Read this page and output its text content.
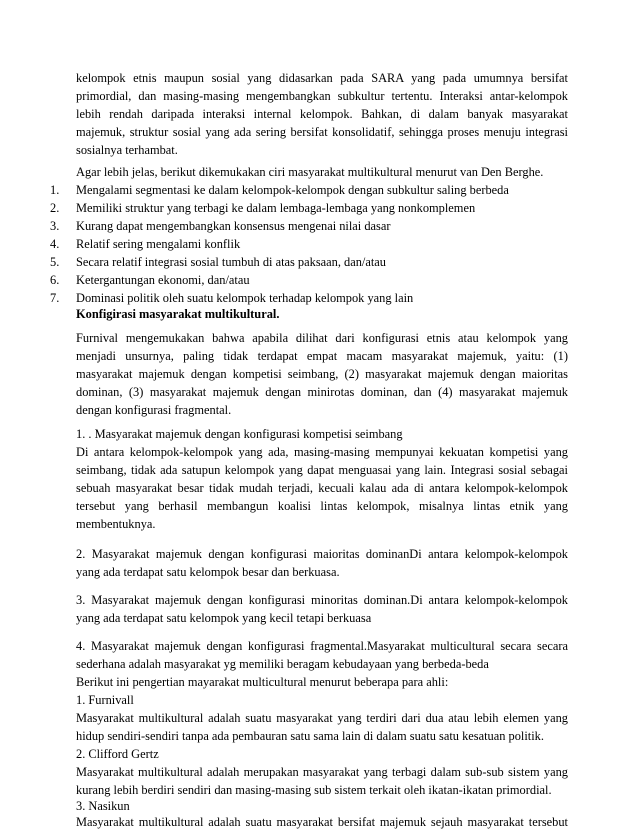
kelompok etnis maupun sosial yang didasarkan pada SARA yang pada umumnya bersifat
primordial, dan masing-masing mengembangkan subkultur tertentu. Interaksi antar-kelompok
lebih rendah daripada interaksi internal kelompok. Bahkan, di dalam banyak masyarakat
majemuk, struktur sosial yang ada sering bersifat konsolidatif, sehingga proses menuju integrasi
sosialnya terhambat.
Agar lebih jelas, berikut dikemukakan ciri masyarakat multikultural menurut van Den Berghe.
1. Mengalami segmentasi ke dalam kelompok-kelompok dengan subkultur saling berbeda
2. Memiliki struktur yang terbagi ke dalam lembaga-lembaga yang nonkomplemen
3. Kurang dapat mengembangkan konsensus mengenai nilai dasar
4. Relatif sering mengalami konflik
5. Secara relatif integrasi sosial tumbuh di atas paksaan, dan/atau
6. Ketergantungan ekonomi, dan/atau
7. Dominasi politik oleh suatu kelompok terhadap kelompok yang lain
Konfigirasi masyarakat multikultural.
Furnival mengemukakan bahwa apabila dilihat dari konfigurasi etnis atau kelompok yang
menjadi unsurnya, paling tidak terdapat empat macam masyarakat majemuk, yaitu: (1)
masyarakat majemuk dengan kompetisi seimbang, (2) masyarakat majemuk dengan maioritas
dominan, (3) masyarakat majemuk dengan minirotas dominan, dan (4) masyarakat majemuk
dengan konfigurasi fragmental.
1. . Masyarakat majemuk dengan konfigurasi kompetisi seimbang
Di antara kelompok-kelompok yang ada, masing-masing mempunyai kekuatan kompetisi yang
seimbang, tidak ada satupun kelompok yang dapat menguasai yang lain. Integrasi sosial sebagai
sebuah masyarakat besar tidak mudah terjadi, kecuali kalau ada di antara kelompok-kelompok
tersebut yang berhasil membangun koalisi lintas kelompok, misalnya lintas etnik yang
membentuknya.
2. Masyarakat majemuk dengan konfigurasi maioritas dominanDi antara kelompok-kelompok
yang ada terdapat satu kelompok besar dan berkuasa.
3. Masyarakat majemuk dengan konfigurasi minoritas dominan.Di antara kelompok-kelompok
yang ada terdapat satu kelompok yang kecil tetapi berkuasa
4. Masyarakat majemuk dengan konfigurasi fragmental.Masyarakat multicultural secara secara
sederhana adalah masyarakat yg memiliki beragam kebudayaan yang berbeda-beda
Berikut ini pengertian mayarakat multicultural menurut beberapa para ahli:
1. Furnivall
Masyarakat multikultural adalah suatu masyarakat yang terdiri dari dua atau lebih elemen yang
hidup sendiri-sendiri tanpa ada pembauran satu sama lain di dalam suatu satu kesatuan politik.
2. Clifford Gertz
Masyarakat multikultural adalah merupakan masyarakat yang terbagi dalam sub-sub sistem yang
kurang lebih berdiri sendiri dan masing-masing sub sistem terkait oleh ikatan-ikatan primordial.
3. Nasikun
Masyarakat multikultural adalah suatu masyarakat bersifat majemuk sejauh masyarakat tersebut
